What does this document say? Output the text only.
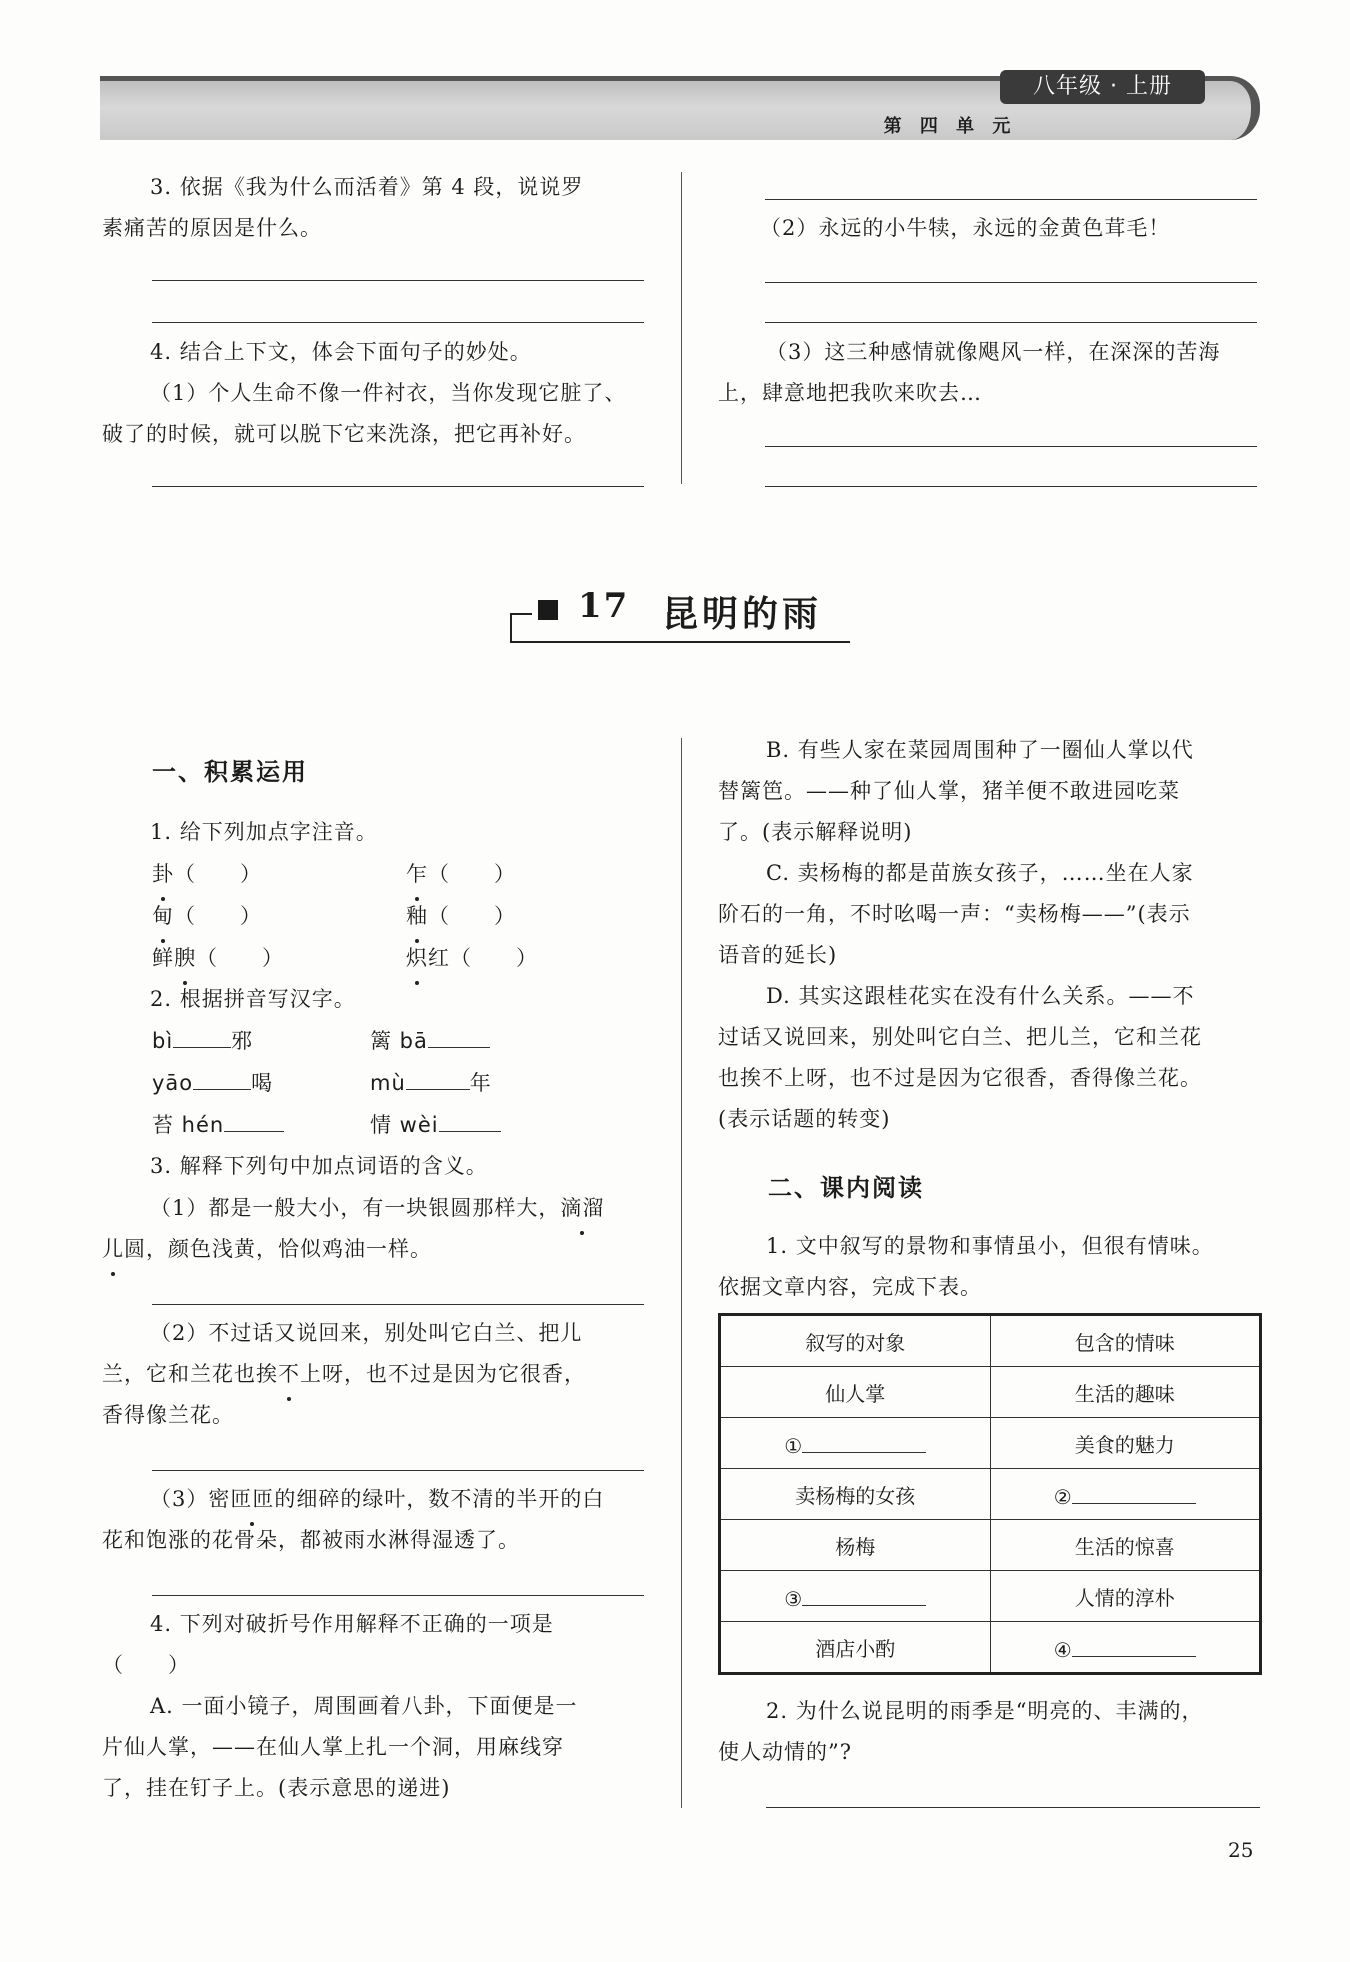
八年级 · 上册
第 四 单 元
3. 依据《我为什么而活着》第 4 段，说说罗
素痛苦的原因是什么。
4. 结合上下文，体会下面句子的妙处。
（1）个人生命不像一件衬衣，当你发现它脏了、
破了的时候，就可以脱下它来洗涤，把它再补好。
（2）永远的小牛犊，永远的金黄色茸毛！
（3）这三种感情就像飓风一样，在深深的苦海
上，肆意地把我吹来吹去…
17 昆明的雨
一、积累运用
1. 给下列加点字注音。
卦（　　）	乍（　　）
甸（　　）	釉（　　）
鲜腴（　　）	炽红（　　）
2. 根据拼音写汉字。
bì	邪	篱 bā
yāo	喝	mù	年
苔 hén	情 wèi
3. 解释下列句中加点词语的含义。
（1）都是一般大小，有一块银圆那样大，滴溜
儿圆，颜色浅黄，恰似鸡油一样。
（2）不过话又说回来，别处叫它白兰、把儿
兰，它和兰花也挨不上呀，也不过是因为它很香，
香得像兰花。
（3）密匝匝的细碎的绿叶，数不清的半开的白
花和饱涨的花骨朵，都被雨水淋得湿透了。
4. 下列对破折号作用解释不正确的一项是
（　　）
A. 一面小镜子，周围画着八卦，下面便是一
片仙人掌，——在仙人掌上扎一个洞，用麻线穿
了，挂在钉子上。(表示意思的递进)
B. 有些人家在菜园周围种了一圈仙人掌以代
替篱笆。——种了仙人掌，猪羊便不敢进园吃菜
了。(表示解释说明)
C. 卖杨梅的都是苗族女孩子，……坐在人家
阶石的一角，不时吆喝一声：“卖杨梅——”(表示
语音的延长)
D. 其实这跟桂花实在没有什么关系。——不
过话又说回来，别处叫它白兰、把儿兰，它和兰花
也挨不上呀，也不过是因为它很香，香得像兰花。
(表示话题的转变)
二、课内阅读
1. 文中叙写的景物和事情虽小，但很有情味。
依据文章内容，完成下表。
叙写的对象	包含的情味
仙人掌	生活的趣味
①	美食的魅力
卖杨梅的女孩	②
杨梅	生活的惊喜
③	人情的淳朴
酒店小酌	④
2. 为什么说昆明的雨季是“明亮的、丰满的，
使人动情的”?
25
